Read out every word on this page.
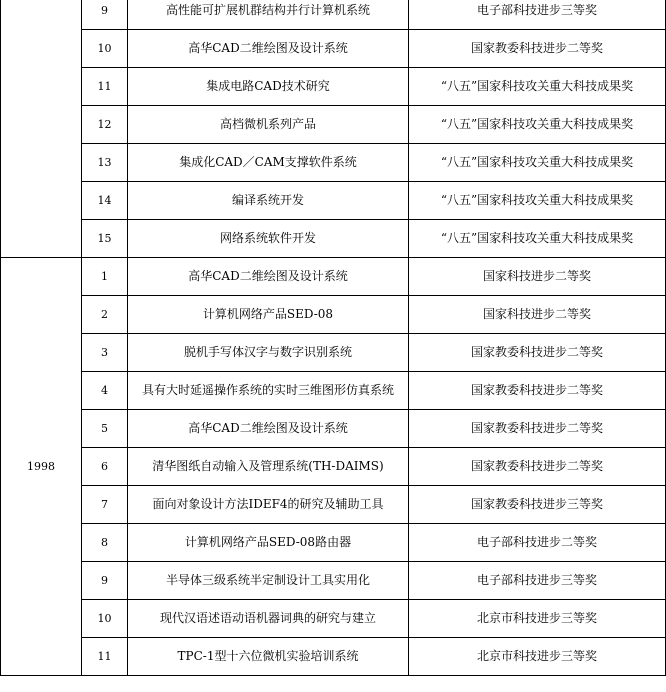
	9	高性能可扩展机群结构并行计算机系统	电子部科技进步三等奖
	10	高华CAD二维绘图及设计系统	国家教委科技进步二等奖
	11	集成电路CAD技术研究	“八五”国家科技攻关重大科技成果奖
	12	高档微机系列产品	“八五”国家科技攻关重大科技成果奖
	13	集成化CAD／CAM支撑软件系统	“八五”国家科技攻关重大科技成果奖
	14	编译系统开发	“八五”国家科技攻关重大科技成果奖
	15	网络系统软件开发	“八五”国家科技攻关重大科技成果奖
1998	1	高华CAD二维绘图及设计系统	国家科技进步二等奖
	2	计算机网络产品SED-08	国家科技进步二等奖
	3	脱机手写体汉字与数字识别系统	国家教委科技进步二等奖
	4	具有大时延遥操作系统的实时三维图形仿真系统	国家教委科技进步二等奖
	5	高华CAD二维绘图及设计系统	国家教委科技进步二等奖
	6	清华图纸自动输入及管理系统(TH-DAIMS)	国家教委科技进步二等奖
	7	面向对象设计方法IDEF4的研究及辅助工具	国家教委科技进步三等奖
	8	计算机网络产品SED-08路由器	电子部科技进步二等奖
	9	半导体三级系统半定制设计工具实用化	电子部科技进步三等奖
	10	现代汉语述语动语机器词典的研究与建立	北京市科技进步三等奖
	11	TPC-1型十六位微机实验培训系统	北京市科技进步三等奖
